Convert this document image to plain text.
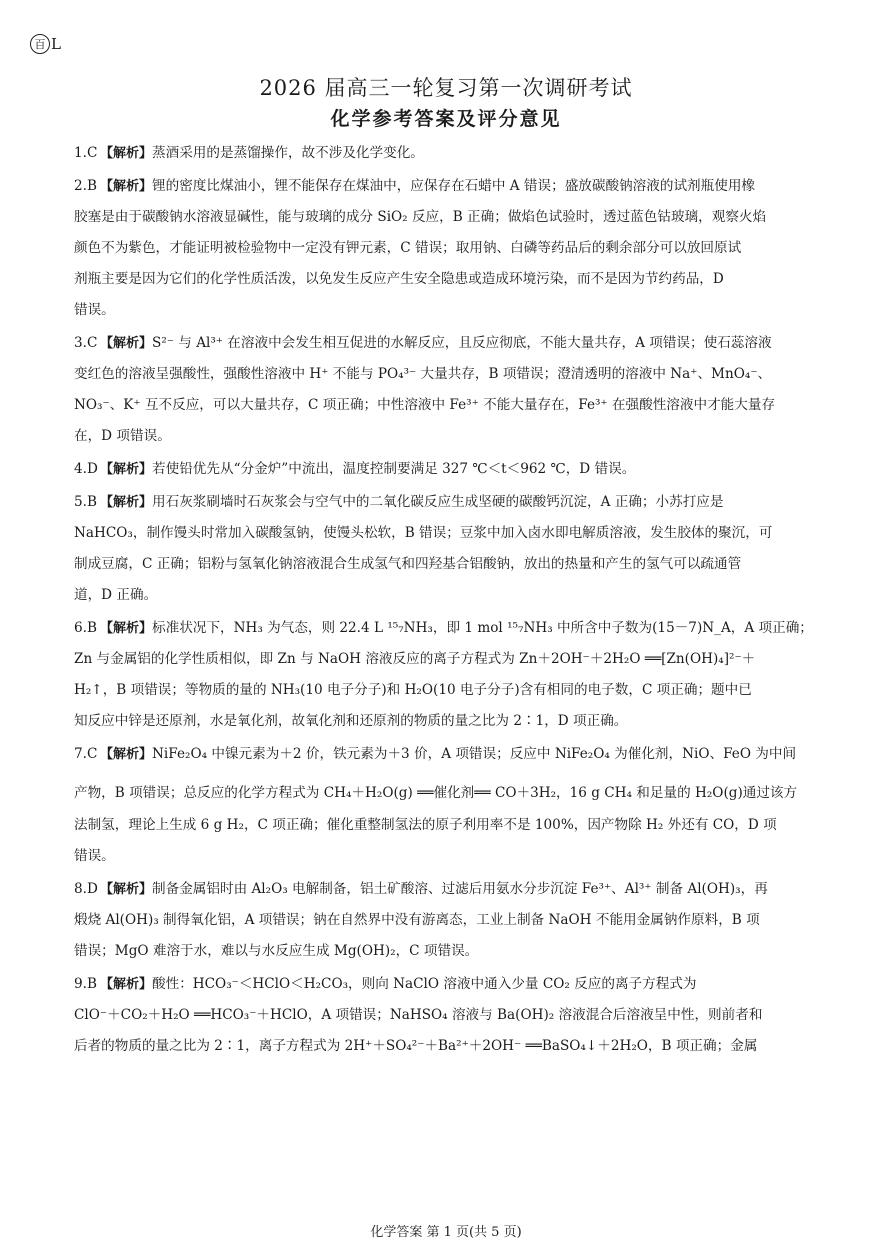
百 L
2026 届高三一轮复习第一次调研考试
化学参考答案及评分意见
1.C 【解析】蒸酒采用的是蒸馏操作，故不涉及化学变化。
2.B 【解析】锂的密度比煤油小，锂不能保存在煤油中，应保存在石蜡中 A 错误；盛放碳酸钠溶液的试剂瓶使用橡
胶塞是由于碳酸钠水溶液显碱性，能与玻璃的成分 SiO₂ 反应，B 正确；做焰色试验时，透过蓝色钴玻璃，观察火焰
颜色不为紫色，才能证明被检验物中一定没有钾元素，C 错误；取用钠、白磷等药品后的剩余部分可以放回原试
剂瓶主要是因为它们的化学性质活泼，以免发生反应产生安全隐患或造成环境污染，而不是因为节约药品，D
错误。
3.C 【解析】S²⁻ 与 Al³⁺ 在溶液中会发生相互促进的水解反应，且反应彻底，不能大量共存，A 项错误；使石蕊溶液
变红色的溶液呈强酸性，强酸性溶液中 H⁺ 不能与 PO₄³⁻ 大量共存，B 项错误；澄清透明的溶液中 Na⁺、MnO₄⁻、
NO₃⁻、K⁺ 互不反应，可以大量共存，C 项正确；中性溶液中 Fe³⁺ 不能大量存在，Fe³⁺ 在强酸性溶液中才能大量存
在，D 项错误。
4.D 【解析】若使铅优先从“分金炉”中流出，温度控制要满足 327 ℃＜t＜962 ℃，D 错误。
5.B 【解析】用石灰浆刷墙时石灰浆会与空气中的二氧化碳反应生成坚硬的碳酸钙沉淀，A 正确；小苏打应是
NaHCO₃，制作馒头时常加入碳酸氢钠，使馒头松软，B 错误；豆浆中加入卤水即电解质溶液，发生胶体的聚沉，可
制成豆腐，C 正确；铝粉与氢氧化钠溶液混合生成氢气和四羟基合铝酸钠，放出的热量和产生的氢气可以疏通管
道，D 正确。
6.B 【解析】标准状况下，NH₃ 为气态，则 22.4 L ¹⁵₇NH₃，即 1 mol ¹⁵₇NH₃ 中所含中子数为(15－7)N_A，A 项正确；
Zn 与金属铝的化学性质相似，即 Zn 与 NaOH 溶液反应的离子方程式为 Zn＋2OH⁻＋2H₂O ══[Zn(OH)₄]²⁻＋
H₂↑，B 项错误；等物质的量的 NH₃(10 电子分子)和 H₂O(10 电子分子)含有相同的电子数，C 项正确；题中已
知反应中锌是还原剂，水是氧化剂，故氧化剂和还原剂的物质的量之比为 2∶1，D 项正确。
7.C 【解析】NiFe₂O₄ 中镍元素为＋2 价，铁元素为＋3 价，A 项错误；反应中 NiFe₂O₄ 为催化剂，NiO、FeO 为中间
产物，B 项错误；总反应的化学方程式为 CH₄＋H₂O(g) ══催化剂══ CO＋3H₂，16 g CH₄ 和足量的 H₂O(g)通过该方
法制氢，理论上生成 6 g H₂，C 项正确；催化重整制氢法的原子利用率不是 100%，因产物除 H₂ 外还有 CO，D 项
错误。
8.D 【解析】制备金属铝时由 Al₂O₃ 电解制备，铝土矿酸溶、过滤后用氨水分步沉淀 Fe³⁺、Al³⁺ 制备 Al(OH)₃，再
煅烧 Al(OH)₃ 制得氧化铝，A 项错误；钠在自然界中没有游离态，工业上制备 NaOH 不能用金属钠作原料，B 项
错误；MgO 难溶于水，难以与水反应生成 Mg(OH)₂，C 项错误。
9.B 【解析】酸性：HCO₃⁻＜HClO＜H₂CO₃，则向 NaClO 溶液中通入少量 CO₂ 反应的离子方程式为
ClO⁻＋CO₂＋H₂O ══HCO₃⁻＋HClO，A 项错误；NaHSO₄ 溶液与 Ba(OH)₂ 溶液混合后溶液呈中性，则前者和
后者的物质的量之比为 2∶1，离子方程式为 2H⁺＋SO₄²⁻＋Ba²⁺＋2OH⁻ ══BaSO₄↓＋2H₂O，B 项正确；金属
化学答案 第 1 页(共 5 页)
